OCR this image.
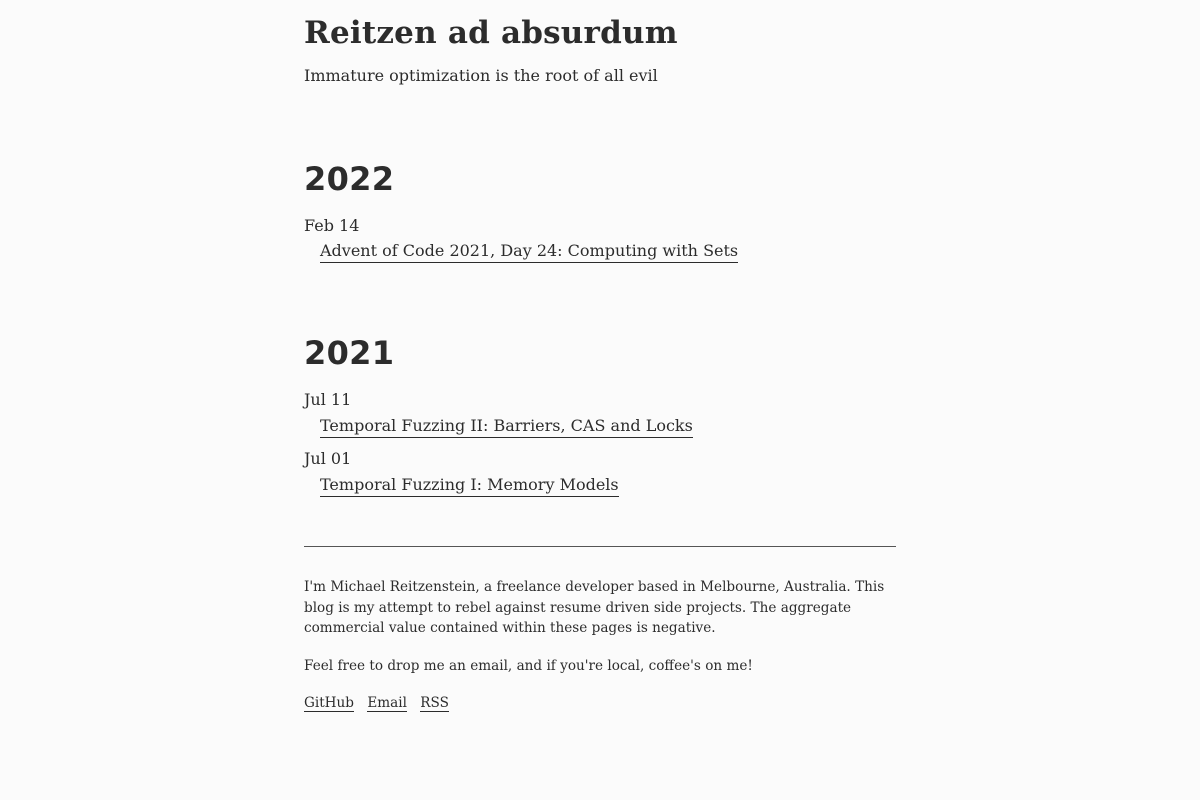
Reitzen ad absurdum

Immature optimization is the root of all evil

2022
Feb 14
Advent of Code 2021, Day 24: Computing with Sets
2021
Jul 11
Temporal Fuzzing II: Barriers, CAS and Locks
Jul 01
Temporal Fuzzing I: Memory Models

I'm Michael Reitzenstein, a freelance developer based in Melbourne, Australia. This blog is my attempt to rebel against resume driven side projects. The aggregate commercial value contained within these pages is negative.

Feel free to drop me an email, and if you're local, coffee's on me!

GitHub Email RSS
